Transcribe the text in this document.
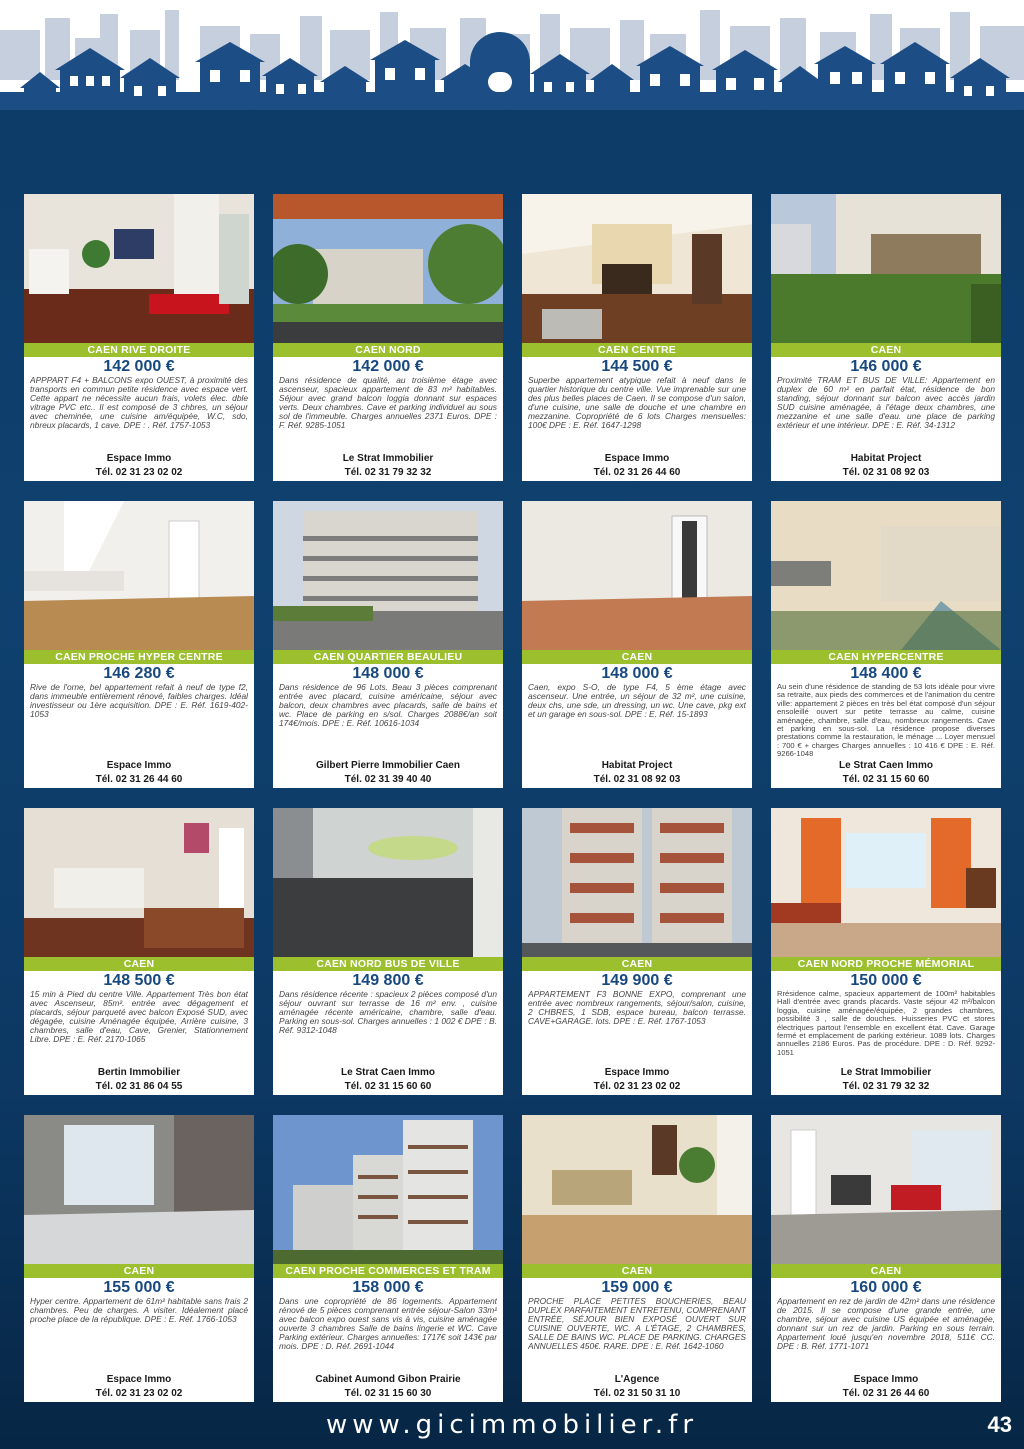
CAEN RIVE DROITE
142 000 €
APPPART F4 + BALCONS expo OUEST, à proximité des transports en commun petite résidence avec espace vert. Cette appart ne nécessite aucun frais, volets élec. dble vitrage PVC etc.. Il est composé de 3 chbres, un séjour avec cheminée, une cuisine am/équipée, W.C, sdo, nbreux placards, 1 cave. DPE : . Réf. 1757-1053
Espace Immo
Tél. 02 31 23 02 02
CAEN NORD
142 000 €
Dans résidence de qualité, au troisième étage avec ascenseur, spacieux appartement de 83 m² habitables. Séjour avec grand balcon loggia donnant sur espaces verts. Deux chambres. Cave et parking individuel au sous sol de l'immeuble. Charges annuelles 2371 Euros. DPE : F. Réf. 9285-1051
Le Strat Immobilier
Tél. 02 31 79 32 32
CAEN CENTRE
144 500 €
Superbe appartement atypique refait à neuf dans le quartier historique du centre ville. Vue imprenable sur une des plus belles places de Caen. Il se compose d'un salon, d'une cuisine, une salle de douche et une chambre en mezzanine. Copropriété de 6 lots Charges mensuelles: 100€ DPE : E. Réf. 1647-1298
Espace Immo
Tél. 02 31 26 44 60
CAEN
146 000 €
Proximité TRAM ET BUS DE VILLE: Appartement en duplex de 60 m² en parfait état, résidence de bon standing, séjour donnant sur balcon avec accès jardin SUD cuisine aménagée, à l'étage deux chambres, une mezzanine et une salle d'eau. une place de parking extérieur et une intérieur. DPE : E. Réf. 34-1312
Habitat Project
Tél. 02 31 08 92 03
CAEN PROCHE HYPER CENTRE
146 280 €
Rive de l'orne, bel appartement refait à neuf de type f2, dans immeuble entièrement rénové, faibles charges. Idéal investisseur ou 1ère acquisition. DPE : E. Réf. 1619-402-1053
Espace Immo
Tél. 02 31 26 44 60
CAEN QUARTIER BEAULIEU
148 000 €
Dans résidence de 96 Lots. Beau 3 pièces comprenant entrée avec placard, cuisine américaine, séjour avec balcon, deux chambres avec placards, salle de bains et wc. Place de parking en s/sol. Charges 2088€/an soit 174€/mois. DPE : E. Réf. 10616-1034
Gilbert Pierre Immobilier Caen
Tél. 02 31 39 40 40
CAEN
148 000 €
Caen, expo S-O, de type F4, 5 ème étage avec ascenseur. Une entrée, un séjour de 32 m², une cuisine, deux chs, une sde, un dressing, un wc. Une cave, pkg ext et un garage en sous-sol. DPE : E. Réf. 15-1893
Habitat Project
Tél. 02 31 08 92 03
CAEN HYPERCENTRE
148 400 €
Au sein d'une résidence de standing de 53 lots idéale pour vivre sa retraite, aux pieds des commerces et de l'animation du centre ville: appartement 2 pièces en très bel état composé d'un séjour ensoleillé ouvert sur petite terrasse au calme, cuisine aménagée, chambre, salle d'eau, nombreux rangements. Cave et parking en sous-sol. La résidence propose diverses prestations comme la restauration, le ménage ... Loyer mensuel : 700 € + charges Charges annuelles : 10 416 € DPE : E. Réf. 9266-1048
Le Strat Caen Immo
Tél. 02 31 15 60 60
CAEN
148 500 €
15 min à Pied du centre Ville. Appartement Très bon état avec Ascenseur, 85m². entrée avec dégagement et placards, séjour parqueté avec balcon Exposé SUD, avec dégagée, cuisine Aménagée équipée, Arrière cuisine, 3 chambres, salle d'eau, Cave, Grenier, Stationnement Libre. DPE : E. Réf. 2170-1065
Bertin Immobilier
Tél. 02 31 86 04 55
CAEN NORD BUS DE VILLE
149 800 €
Dans résidence récente : spacieux 2 pièces composé d'un séjour ouvrant sur terrasse de 16 m² env. , cuisine aménagée récente américaine, chambre, salle d'eau. Parking en sous-sol. Charges annuelles : 1 002 € DPE : B. Réf. 9312-1048
Le Strat Caen Immo
Tél. 02 31 15 60 60
CAEN
149 900 €
APPARTEMENT F3 BONNE EXPO, comprenant une entrée avec nombreux rangements, séjour/salon, cuisine, 2 CHBRES, 1 SDB, espace bureau, balcon terrasse. CAVE+GARAGE. lots. DPE : E. Réf. 1767-1053
Espace Immo
Tél. 02 31 23 02 02
CAEN NORD PROCHE MÉMORIAL
150 000 €
Rrésidence calme, spacieux appartement de 100m² habitables Hall d'entrée avec grands placards. Vaste séjour 42 m²/balcon loggia, cuisine aménagée/équipée, 2 grandes chambres, possibilité 3 , salle de douches. Huisseries PVC et stores électriques partout l'ensemble en excellent état. Cave. Garage fermé et emplacement de parking extérieur. 1089 lots. Charges annuelles 2186 Euros. Pas de procédure. DPE : D. Réf. 9292-1051
Le Strat Immobilier
Tél. 02 31 79 32 32
CAEN
155 000 €
Hyper centre. Appartement de 61m² habitable sans frais 2 chambres. Peu de charges. A visiter. Idéalement placé proche place de la république. DPE : E. Réf. 1766-1053
Espace Immo
Tél. 02 31 23 02 02
CAEN PROCHE COMMERCES ET TRAM
158 000 €
Dans une copropriété de 86 logements. Appartement rénové de 5 pièces comprenant entrée séjour-Salon 33m² avec balcon expo ouest sans vis à vis, cuisine aménagée ouverte 3 chambres Salle de bains lingerie et WC. Cave Parking extérieur. Charges annuelles: 1717€ soit 143€ par mois. DPE : D. Réf. 2691-1044
Cabinet Aumond Gibon Prairie
Tél. 02 31 15 60 30
CAEN
159 000 €
PROCHE PLACE PETITES BOUCHERIES, BEAU DUPLEX PARFAITEMENT ENTRETENU, COMPRENANT ENTRÉE, SÉJOUR BIEN EXPOSÉ OUVERT SUR CUISINE OUVERTE, WC. A L'ÉTAGE, 2 CHAMBRES, SALLE DE BAINS WC. PLACE DE PARKING. CHARGES ANNUELLES 450€. RARE. DPE : E. Réf. 1642-1060
L'Agence
Tél. 02 31 50 31 10
CAEN
160 000 €
Appartement en rez de jardin de 42m² dans une résidence de 2015. Il se compose d'une grande entrée, une chambre, séjour avec cuisine US équipée et aménagée, donnant sur un rez de jardin. Parking en sous terrain. Appartement loué jusqu'en novembre 2018, 511€ CC. DPE : B. Réf. 1771-1071
Espace Immo
Tél. 02 31 26 44 60
www.gicimmobilier.fr	43
